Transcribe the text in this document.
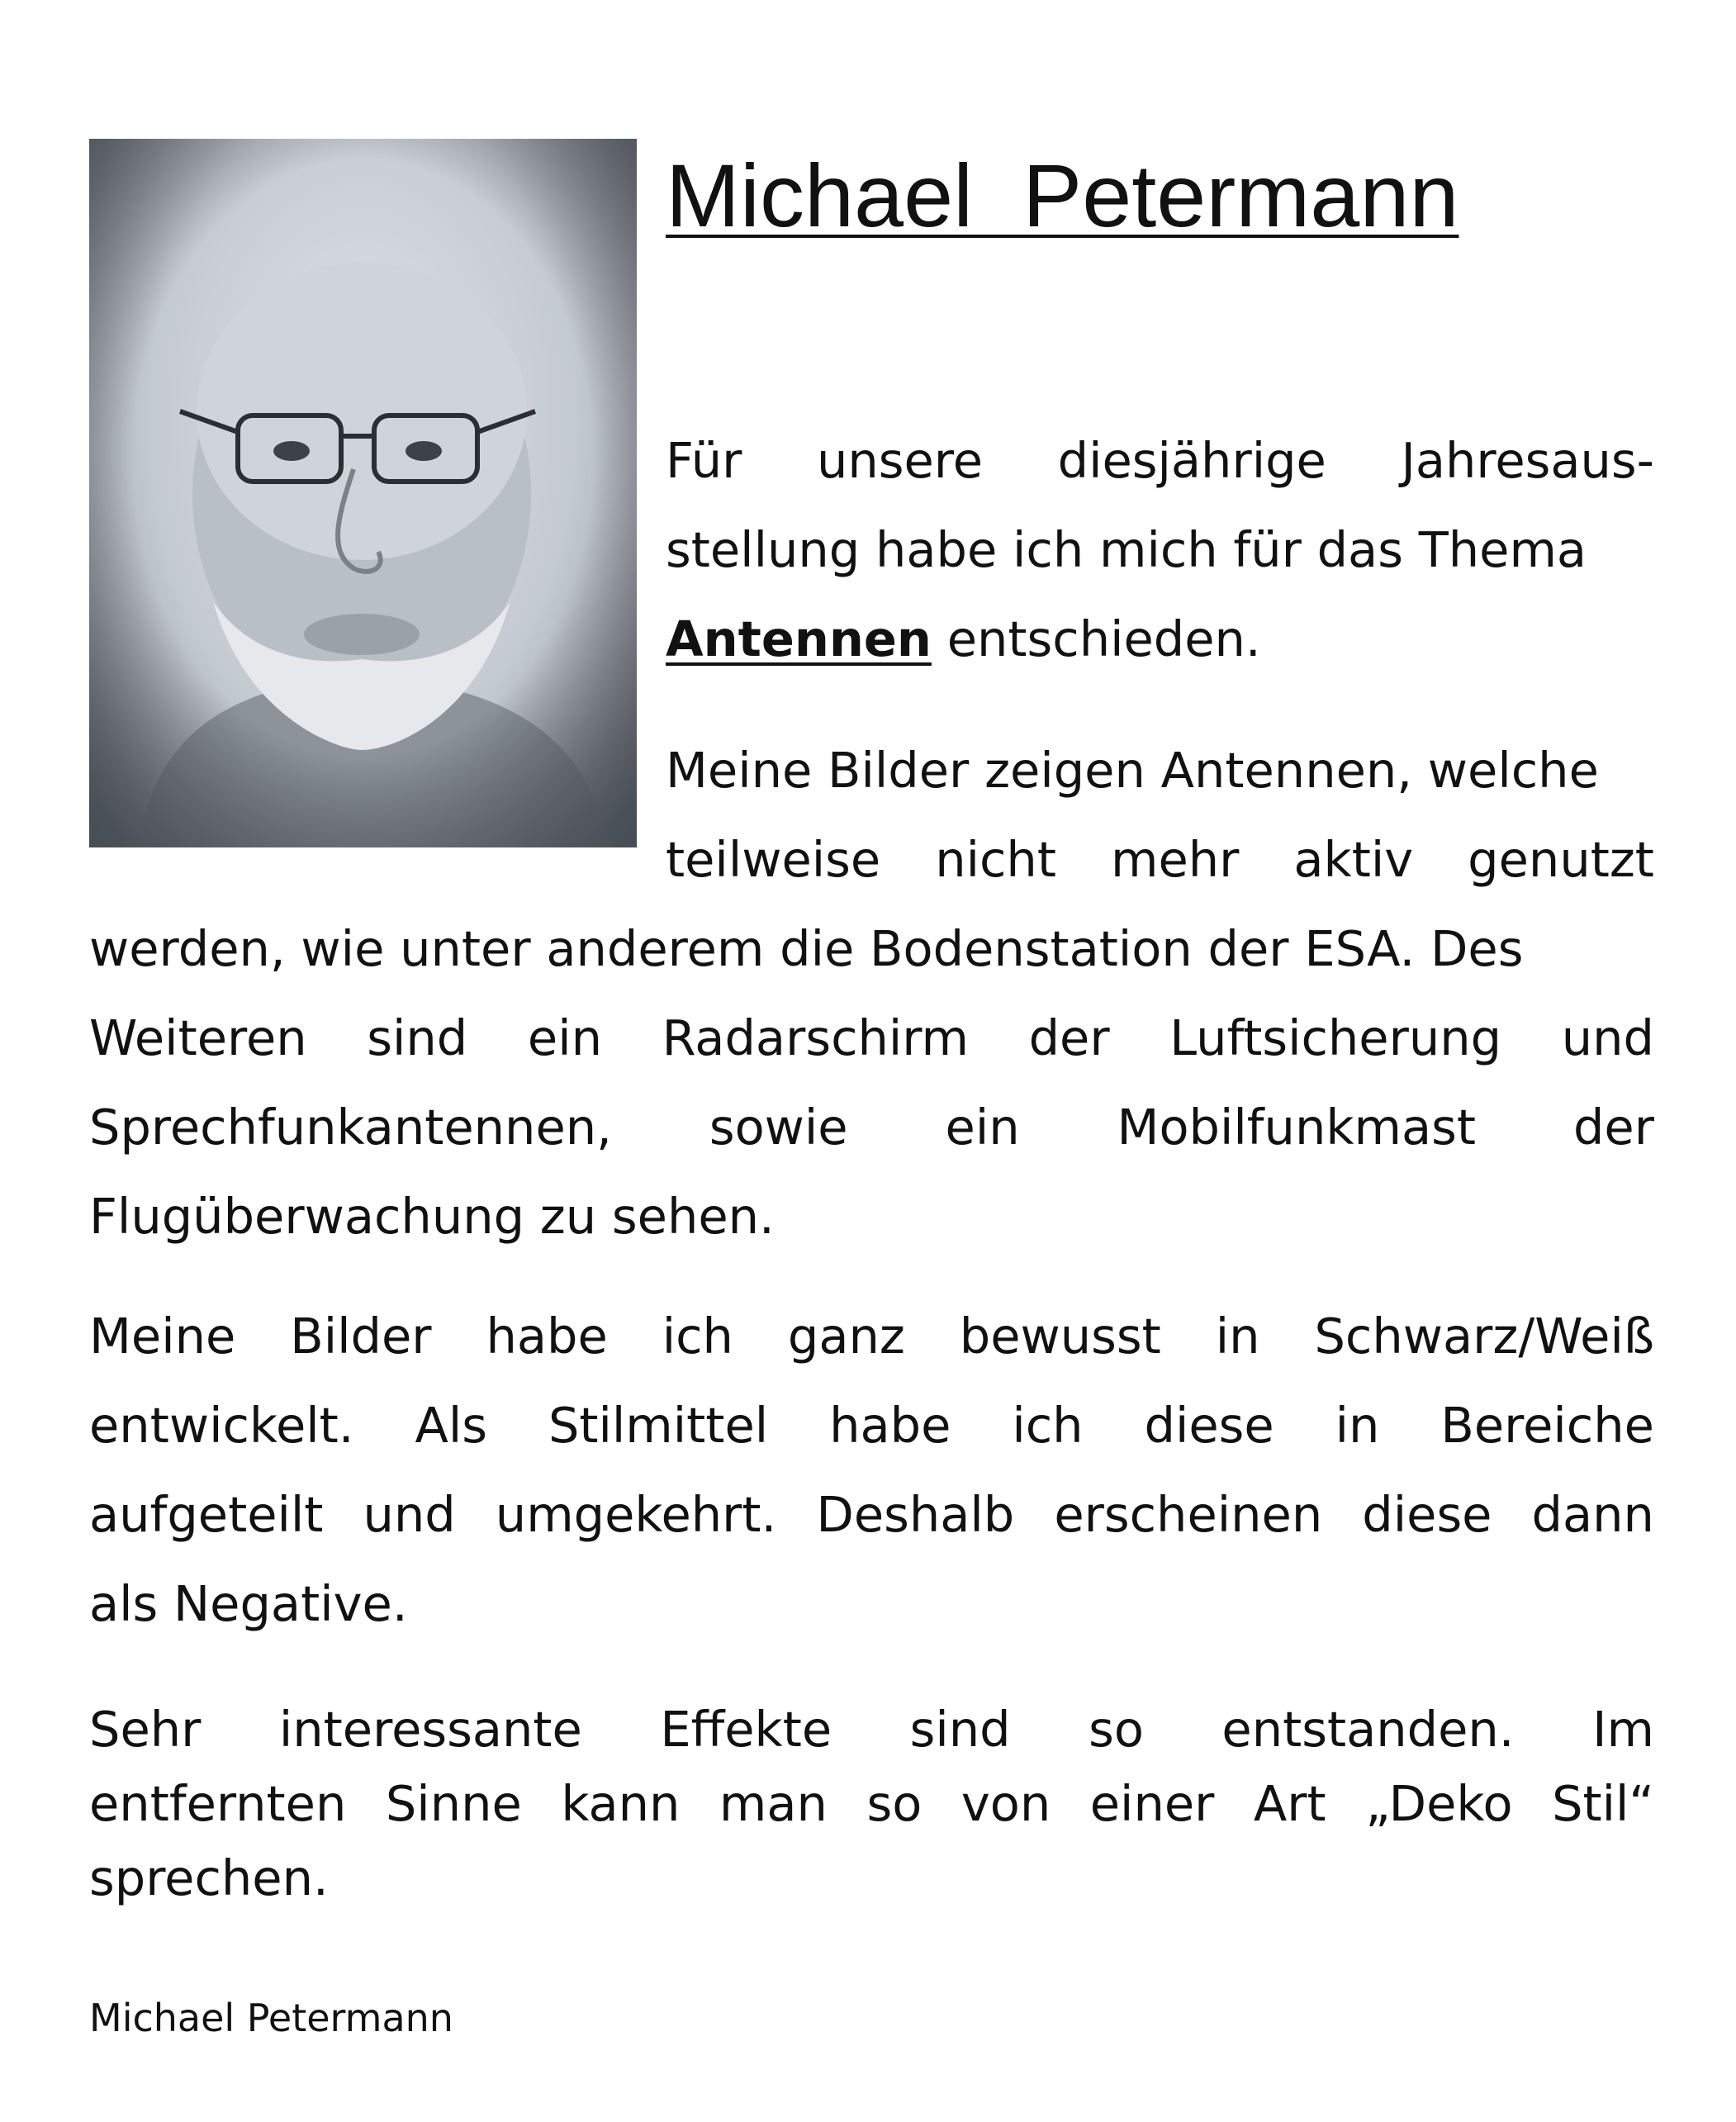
Michael  Petermann
Für unsere diesjährige Jahresaus-
stellung habe ich mich für das Thema
Antennen entschieden.
Meine Bilder zeigen Antennen, welche
teilweise nicht mehr aktiv genutzt
werden, wie unter anderem die Bodenstation der ESA. Des
Weiteren sind ein Radarschirm der Luftsicherung und
Sprechfunkantennen, sowie ein Mobilfunkmast der
Flugüberwachung zu sehen.
Meine Bilder habe ich ganz bewusst in Schwarz/Weiß
entwickelt. Als Stilmittel habe ich diese in Bereiche
aufgeteilt und umgekehrt. Deshalb erscheinen diese dann
als Negative.
Sehr interessante Effekte sind so entstanden. Im
entfernten Sinne kann man so von einer Art „Deko Stil“
sprechen.
Michael Petermann
